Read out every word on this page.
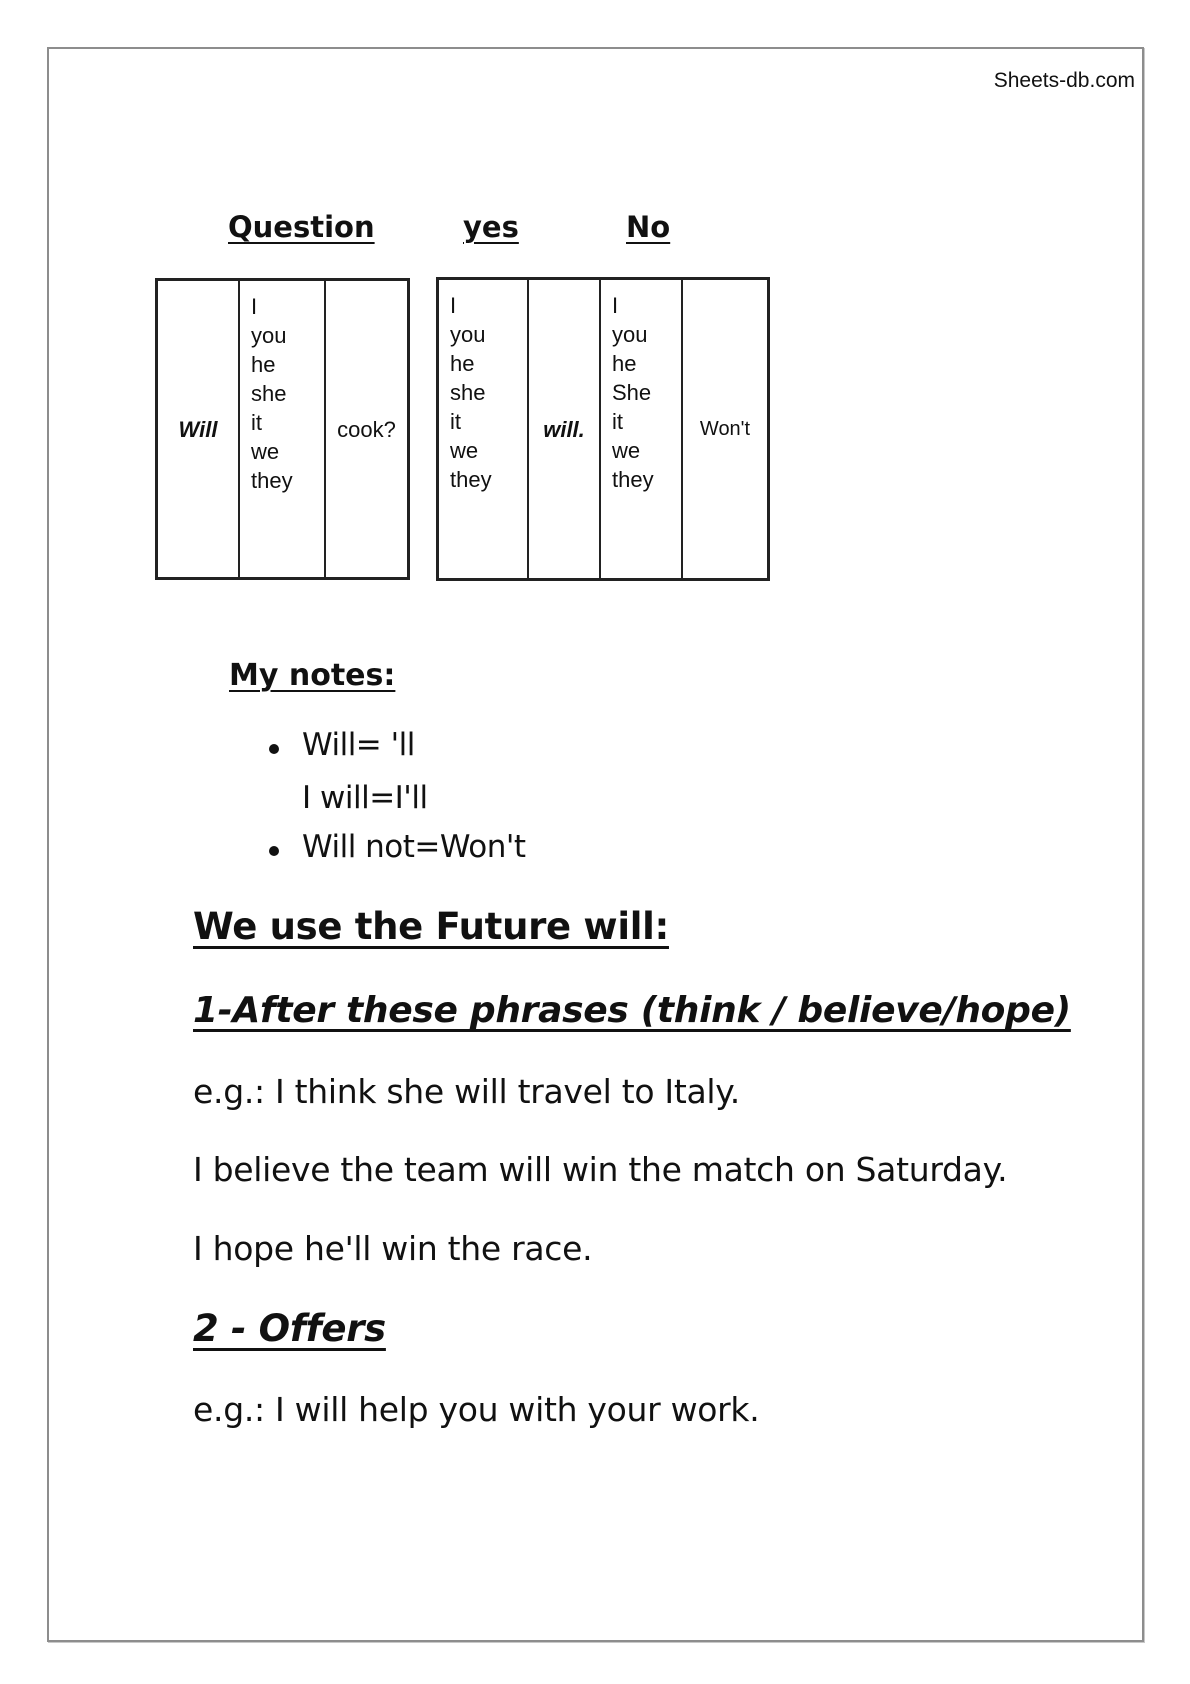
Sheets-db.com
Question	yes	No
Will
I
you
he
she
it
we
they
cook?
I
you
he
she
it
we
they
will.
I
you
he
She
it
we
they
Won't
My notes:
Will= 'll
I will=I'll
Will not=Won't
We use the Future will:
1-After these phrases (think / believe/hope)
e.g.: I think she will travel to Italy.
I believe the team will win the match on Saturday.
I hope he'll win the race.
2 - Offers
e.g.: I will help you with your work.
